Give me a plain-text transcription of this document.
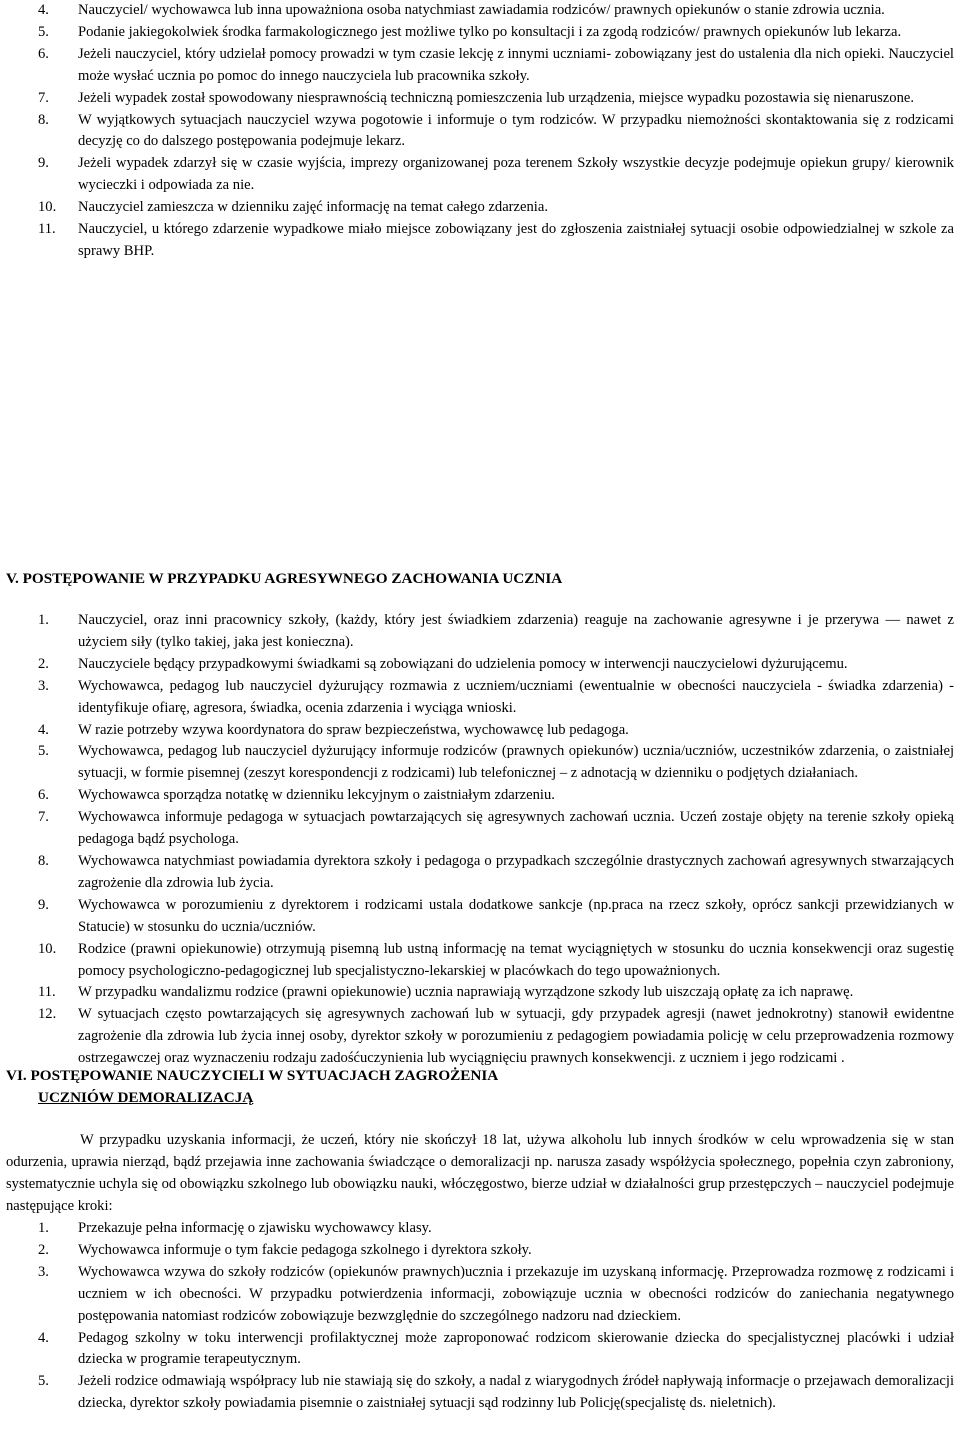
4. Nauczyciel/ wychowawca lub inna upoważniona osoba natychmiast zawiadamia rodziców/ prawnych opiekunów o stanie zdrowia ucznia.
5. Podanie jakiegokolwiek środka farmakologicznego jest możliwe tylko po konsultacji i za zgodą rodziców/ prawnych opiekunów lub lekarza.
6. Jeżeli nauczyciel, który udzielał pomocy prowadzi w tym czasie lekcję z innymi uczniami- zobowiązany jest do ustalenia dla nich opieki. Nauczyciel może wysłać ucznia po pomoc do innego nauczyciela lub pracownika szkoły.
7. Jeżeli wypadek został spowodowany niesprawnością techniczną pomieszczenia lub urządzenia, miejsce wypadku pozostawia się nienaruszone.
8. W wyjątkowych sytuacjach nauczyciel wzywa pogotowie i informuje o tym rodziców. W przypadku niemożności skontaktowania się z rodzicami decyzję co do dalszego postępowania podejmuje lekarz.
9. Jeżeli wypadek zdarzył się w czasie wyjścia, imprezy organizowanej poza terenem Szkoły wszystkie decyzje podejmuje opiekun grupy/ kierownik wycieczki i odpowiada za nie.
10. Nauczyciel zamieszcza w dzienniku zajęć informację na temat całego zdarzenia.
11. Nauczyciel, u którego zdarzenie wypadkowe miało miejsce zobowiązany jest do zgłoszenia zaistniałej sytuacji osobie odpowiedzialnej w szkole za sprawy BHP.
V. POSTĘPOWANIE W PRZYPADKU AGRESYWNEGO ZACHOWANIA UCZNIA
1. Nauczyciel, oraz inni pracownicy szkoły, (każdy, który jest świadkiem zdarzenia) reaguje na zachowanie agresywne i je przerywa — nawet z użyciem siły (tylko takiej, jaka jest konieczna).
2. Nauczyciele będący przypadkowymi świadkami są zobowiązani do udzielenia pomocy w interwencji nauczycielowi dyżurującemu.
3. Wychowawca, pedagog lub nauczyciel dyżurujący rozmawia z uczniem/uczniami (ewentualnie w obecności nauczyciela - świadka zdarzenia) - identyfikuje ofiarę, agresora, świadka, ocenia zdarzenia i wyciąga wnioski.
4. W razie potrzeby wzywa koordynatora do spraw bezpieczeństwa, wychowawcę lub pedagoga.
5. Wychowawca, pedagog lub nauczyciel dyżurujący informuje rodziców (prawnych opiekunów) ucznia/uczniów, uczestników zdarzenia, o zaistniałej sytuacji, w formie pisemnej (zeszyt korespondencji z rodzicami) lub telefonicznej – z adnotacją w dzienniku o podjętych działaniach.
6. Wychowawca sporządza notatkę w dzienniku lekcyjnym o zaistniałym zdarzeniu.
7. Wychowawca informuje pedagoga w sytuacjach powtarzających się agresywnych zachowań ucznia. Uczeń zostaje objęty na terenie szkoły opieką pedagoga bądź psychologa.
8. Wychowawca natychmiast powiadamia dyrektora szkoły i pedagoga o przypadkach szczególnie drastycznych zachowań agresywnych stwarzających zagrożenie dla zdrowia lub życia.
9. Wychowawca w porozumieniu z dyrektorem i rodzicami ustala dodatkowe sankcje (np.praca na rzecz szkoły, oprócz sankcji przewidzianych w Statucie) w stosunku do ucznia/uczniów.
10. Rodzice (prawni opiekunowie) otrzymują pisemną lub ustną informację na temat wyciągniętych w stosunku do ucznia konsekwencji oraz sugestię pomocy psychologiczno-pedagogicznej lub specjalistyczno-lekarskiej w placówkach do tego upoważnionych.
11. W przypadku wandalizmu rodzice (prawni opiekunowie) ucznia naprawiają wyrządzone szkody lub uiszczają opłatę za ich naprawę.
12. W sytuacjach często powtarzających się agresywnych zachowań lub w sytuacji, gdy przypadek agresji (nawet jednokrotny) stanowił ewidentne zagrożenie dla zdrowia lub życia innej osoby, dyrektor szkoły w porozumieniu z pedagogiem powiadamia policję w celu przeprowadzenia rozmowy ostrzegawczej oraz wyznaczeniu rodzaju zadośćuczynienia lub wyciągnięciu prawnych konsekwencji. z uczniem i jego rodzicami .
VI. POSTĘPOWANIE NAUCZYCIELI W SYTUACJACH ZAGROŻENIA
UCZNIÓW DEMORALIZACJĄ

W przypadku uzyskania informacji, że uczeń, który nie skończył 18 lat, używa alkoholu lub innych środków w celu wprowadzenia się w stan odurzenia, uprawia nierząd, bądź przejawia inne zachowania świadczące o demoralizacji np. narusza zasady współżycia społecznego, popełnia czyn zabroniony, systematycznie uchyla się od obowiązku szkolnego lub obowiązku nauki, włóczęgostwo, bierze udział w działalności grup przestępczych – nauczyciel podejmuje następujące kroki:

1. Przekazuje pełna informację o zjawisku wychowawcy klasy.
2. Wychowawca informuje o tym fakcie pedagoga szkolnego i dyrektora szkoły.
3. Wychowawca wzywa do szkoły rodziców (opiekunów prawnych)ucznia i przekazuje im uzyskaną informację. Przeprowadza rozmowę z rodzicami i uczniem w ich obecności. W przypadku potwierdzenia informacji, zobowiązuje ucznia w obecności rodziców do zaniechania negatywnego postępowania natomiast rodziców zobowiązuje bezwzględnie do szczególnego nadzoru nad dzieckiem.
4. Pedagog szkolny w toku interwencji profilaktycznej może zaproponować rodzicom skierowanie dziecka do specjalistycznej placówki i udział dziecka w programie terapeutycznym.
5. Jeżeli rodzice odmawiają współpracy lub nie stawiają się do szkoły, a nadal z wiarygodnych źródeł napływają informacje o przejawach demoralizacji dziecka, dyrektor szkoły powiadamia pisemnie o zaistniałej sytuacji sąd rodzinny lub Policję(specjalistę ds. nieletnich).
